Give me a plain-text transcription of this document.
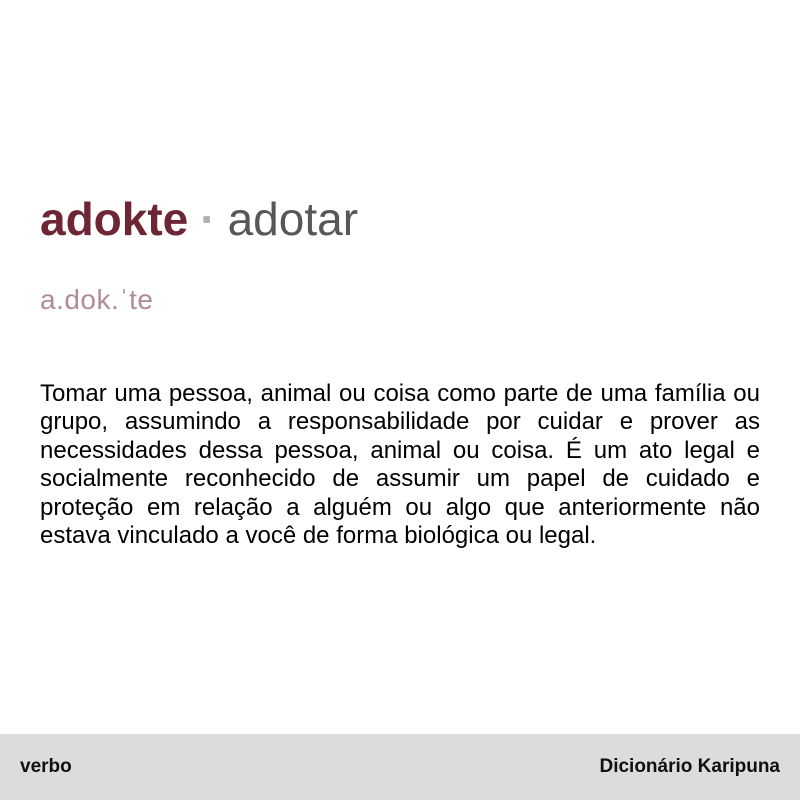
adokte · adotar
a.dok.ˈte

Tomar uma pessoa, animal ou coisa como parte de uma família ou grupo, assumindo a responsabilidade por cuidar e prover as necessidades dessa pessoa, animal ou coisa. É um ato legal e socialmente reconhecido de assumir um papel de cuidado e proteção em relação a alguém ou algo que anteriormente não estava vinculado a você de forma biológica ou legal.

verbo	Dicionário Karipuna
